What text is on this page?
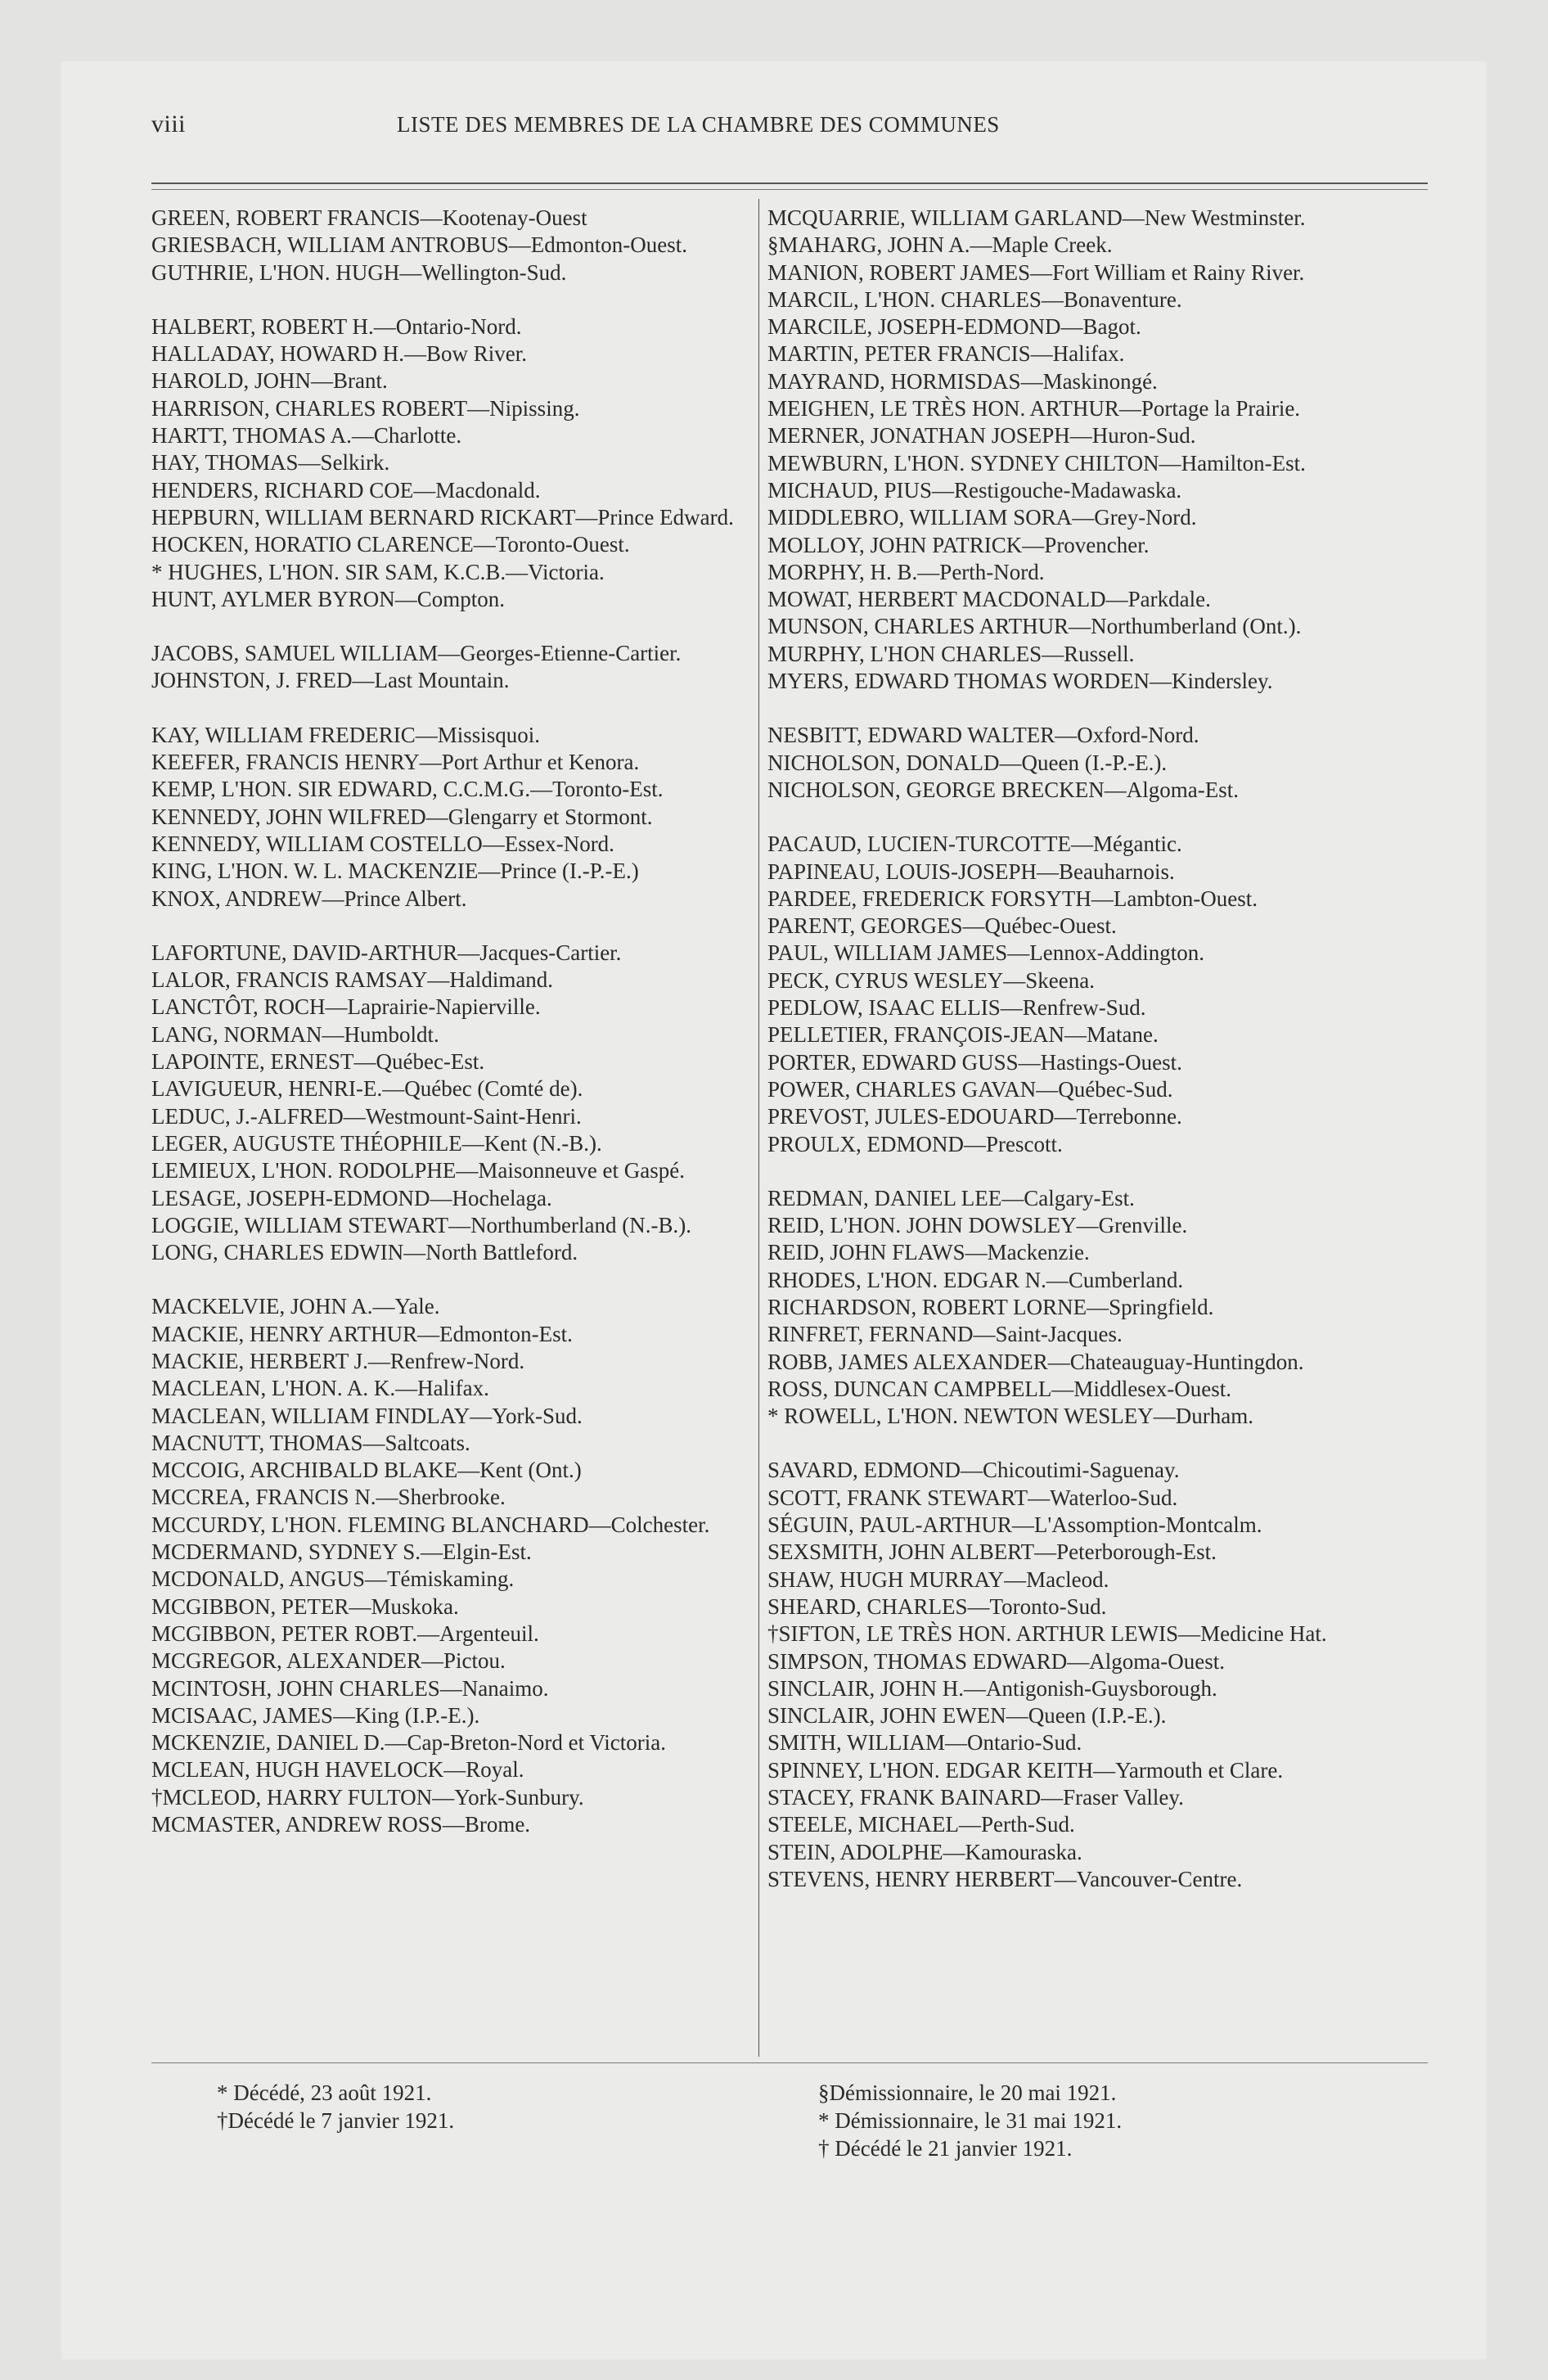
viii	LISTE DES MEMBRES DE LA CHAMBRE DES COMMUNES
GREEN, ROBERT FRANCIS—Kootenay-Ouest
GRIESBACH, WILLIAM ANTROBUS—Edmonton-Ouest.
GUTHRIE, L'HON. HUGH—Wellington-Sud.
HALBERT, ROBERT H.—Ontario-Nord.
HALLADAY, HOWARD H.—Bow River.
HAROLD, JOHN—Brant.
HARRISON, CHARLES ROBERT—Nipissing.
HARTT, THOMAS A.—Charlotte.
HAY, THOMAS—Selkirk.
HENDERS, RICHARD COE—Macdonald.
HEPBURN, WILLIAM BERNARD RICKART—Prince Edward.
HOCKEN, HORATIO CLARENCE—Toronto-Ouest.
* HUGHES, L'HON. SIR SAM, K.C.B.—Victoria.
HUNT, AYLMER BYRON—Compton.
JACOBS, SAMUEL WILLIAM—Georges-Etienne-Cartier.
JOHNSTON, J. FRED—Last Mountain.
KAY, WILLIAM FREDERIC—Missisquoi.
KEEFER, FRANCIS HENRY—Port Arthur et Kenora.
KEMP, L'HON. SIR EDWARD, C.C.M.G.—Toronto-Est.
KENNEDY, JOHN WILFRED—Glengarry et Stormont.
KENNEDY, WILLIAM COSTELLO—Essex-Nord.
KING, L'HON. W. L. MACKENZIE—Prince (I.-P.-E.)
KNOX, ANDREW—Prince Albert.
LAFORTUNE, DAVID-ARTHUR—Jacques-Cartier.
LALOR, FRANCIS RAMSAY—Haldimand.
LANCTÔT, ROCH—Laprairie-Napierville.
LANG, NORMAN—Humboldt.
LAPOINTE, ERNEST—Québec-Est.
LAVIGUEUR, HENRI-E.—Québec (Comté de).
LEDUC, J.-ALFRED—Westmount-Saint-Henri.
LEGER, AUGUSTE THÉOPHILE—Kent (N.-B.).
LEMIEUX, L'HON. RODOLPHE—Maisonneuve et Gaspé.
LESAGE, JOSEPH-EDMOND—Hochelaga.
LOGGIE, WILLIAM STEWART—Northumberland (N.-B.).
LONG, CHARLES EDWIN—North Battleford.
MACKELVIE, JOHN A.—Yale.
MACKIE, HENRY ARTHUR—Edmonton-Est.
MACKIE, HERBERT J.—Renfrew-Nord.
MACLEAN, L'HON. A. K.—Halifax.
MACLEAN, WILLIAM FINDLAY—York-Sud.
MACNUTT, THOMAS—Saltcoats.
MCCOIG, ARCHIBALD BLAKE—Kent (Ont.)
MCCREA, FRANCIS N.—Sherbrooke.
MCCURDY, L'HON. FLEMING BLANCHARD—Colchester.
MCDERMAND, SYDNEY S.—Elgin-Est.
MCDONALD, ANGUS—Témiskaming.
MCGIBBON, PETER—Muskoka.
MCGIBBON, PETER ROBT.—Argenteuil.
MCGREGOR, ALEXANDER—Pictou.
MCINTOSH, JOHN CHARLES—Nanaimo.
MCISAAC, JAMES—King (I.P.-E.).
MCKENZIE, DANIEL D.—Cap-Breton-Nord et Victoria.
MCLEAN, HUGH HAVELOCK—Royal.
†MCLEOD, HARRY FULTON—York-Sunbury.
MCMASTER, ANDREW ROSS—Brome.
MCQUARRIE, WILLIAM GARLAND—New Westminster.
§MAHARG, JOHN A.—Maple Creek.
MANION, ROBERT JAMES—Fort William et Rainy River.
MARCIL, L'HON. CHARLES—Bonaventure.
MARCILE, JOSEPH-EDMOND—Bagot.
MARTIN, PETER FRANCIS—Halifax.
MAYRAND, HORMISDAS—Maskinongé.
MEIGHEN, LE TRÈS HON. ARTHUR—Portage la Prairie.
MERNER, JONATHAN JOSEPH—Huron-Sud.
MEWBURN, L'HON. SYDNEY CHILTON—Hamilton-Est.
MICHAUD, PIUS—Restigouche-Madawaska.
MIDDLEBRO, WILLIAM SORA—Grey-Nord.
MOLLOY, JOHN PATRICK—Provencher.
MORPHY, H. B.—Perth-Nord.
MOWAT, HERBERT MACDONALD—Parkdale.
MUNSON, CHARLES ARTHUR—Northumberland (Ont.).
MURPHY, L'HON CHARLES—Russell.
MYERS, EDWARD THOMAS WORDEN—Kindersley.
NESBITT, EDWARD WALTER—Oxford-Nord.
NICHOLSON, DONALD—Queen (I.-P.-E.).
NICHOLSON, GEORGE BRECKEN—Algoma-Est.
PACAUD, LUCIEN-TURCOTTE—Mégantic.
PAPINEAU, LOUIS-JOSEPH—Beauharnois.
PARDEE, FREDERICK FORSYTH—Lambton-Ouest.
PARENT, GEORGES—Québec-Ouest.
PAUL, WILLIAM JAMES—Lennox-Addington.
PECK, CYRUS WESLEY—Skeena.
PEDLOW, ISAAC ELLIS—Renfrew-Sud.
PELLETIER, FRANÇOIS-JEAN—Matane.
PORTER, EDWARD GUSS—Hastings-Ouest.
POWER, CHARLES GAVAN—Québec-Sud.
PREVOST, JULES-EDOUARD—Terrebonne.
PROULX, EDMOND—Prescott.
REDMAN, DANIEL LEE—Calgary-Est.
REID, L'HON. JOHN DOWSLEY—Grenville.
REID, JOHN FLAWS—Mackenzie.
RHODES, L'HON. EDGAR N.—Cumberland.
RICHARDSON, ROBERT LORNE—Springfield.
RINFRET, FERNAND—Saint-Jacques.
ROBB, JAMES ALEXANDER—Chateauguay-Huntingdon.
ROSS, DUNCAN CAMPBELL—Middlesex-Ouest.
* ROWELL, L'HON. NEWTON WESLEY—Durham.
SAVARD, EDMOND—Chicoutimi-Saguenay.
SCOTT, FRANK STEWART—Waterloo-Sud.
SÉGUIN, PAUL-ARTHUR—L'Assomption-Montcalm.
SEXSMITH, JOHN ALBERT—Peterborough-Est.
SHAW, HUGH MURRAY—Macleod.
SHEARD, CHARLES—Toronto-Sud.
†SIFTON, LE TRÈS HON. ARTHUR LEWIS—Medicine Hat.
SIMPSON, THOMAS EDWARD—Algoma-Ouest.
SINCLAIR, JOHN H.—Antigonish-Guysborough.
SINCLAIR, JOHN EWEN—Queen (I.P.-E.).
SMITH, WILLIAM—Ontario-Sud.
SPINNEY, L'HON. EDGAR KEITH—Yarmouth et Clare.
STACEY, FRANK BAINARD—Fraser Valley.
STEELE, MICHAEL—Perth-Sud.
STEIN, ADOLPHE—Kamouraska.
STEVENS, HENRY HERBERT—Vancouver-Centre.
* Décédé, 23 août 1921.
†Décédé le 7 janvier 1921.
§Démissionnaire, le 20 mai 1921.
* Démissionnaire, le 31 mai 1921.
† Décédé le 21 janvier 1921.
